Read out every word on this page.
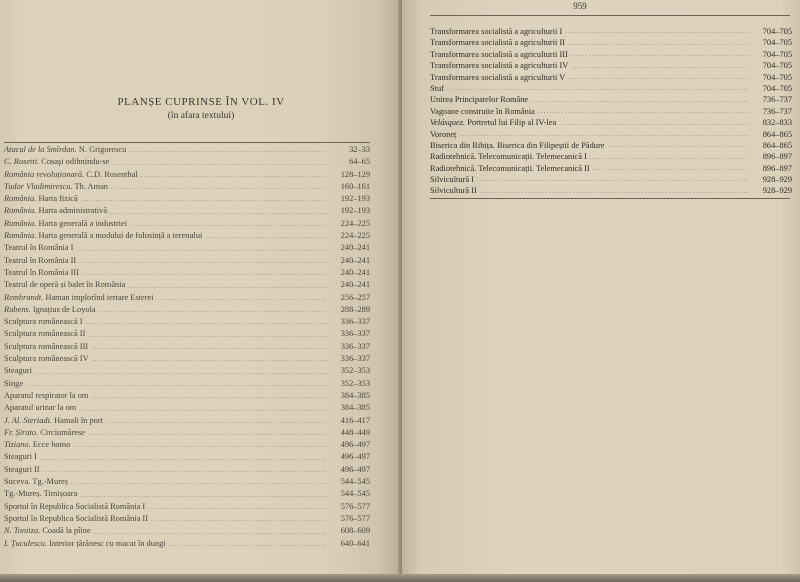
PLANȘE CUPRINSE ÎN VOL. IV
(în afara textului)
Atacul de la Smîrdan. N. Grigorescu .....	32–33
C. Rosetti. Cosaşi odihnindu-se .....	64–65
România revoluționară. C.D. Rosenthal .....	128–129
Tudor Vladimirescu. Th. Aman .....	160–161
România. Harta fizică .....	192–193
România. Harta administrativă .....	192–193
România. Harta generală a industriei .....	224–225
România. Harta generală a modului de folosință a terenului .....	224–225
Teatrul în România I .....	240–241
Teatrul în România II .....	240–241
Teatrul în România III .....	240–241
Teatrul de operă și balet în România .....	240–241
Rembrandt. Haman implorînd iertare Esterei .....	256–257
Rubens. Ignațius de Loyola .....	288–289
Sculptura românească I .....	336–337
Sculptura românească II .....	336–337
Sculptura românească III .....	336–337
Sculptura românească IV .....	336–337
Steaguri .....	352–353
Singe .....	352–353
Aparatul respirator la om .....	384–385
Aparatul urinar la om .....	384–385
J. Al. Steriadi. Hamali în port .....	416–417
Fr. Șirato. Circiumărese .....	448–449
Tiziano. Ecce homo .....	496–497
Steaguri I .....	496–497
Steaguri II .....	496–497
Sucevа. Tg.-Mureș .....	544–545
Tg.-Mureș. Timișoara .....	544–545
Sportul în Republica Socialistă România I .....	576–577
Sportul în Republica Socialistă România II .....	576–577
N. Tonitza. Coadă la pîine .....	608–609
I. Țuculescu. Interior țărănesc cu macat în dungi .....	640–641
959
Transformarea socialistă a agriculturii I .....	704–705
Transformarea socialistă a agriculturii II .....	704–705
Transformarea socialistă a agriculturii III .....	704–705
Transformarea socialistă a agriculturii IV .....	704–705
Transformarea socialistă a agriculturii V .....	704–705
Stuf .....	704–705
Unirea Principatelor Române .....	736–737
Vagoane construite în România .....	736–737
Velásquez. Portretul lui Filip al IV-lea .....	832–833
Voroneț .....	864–865
Biserica din Ribița. Biserica din Filipeștii de Pădure .....	864–865
Radiotehnică. Telecomunicații. Telemecanică I .....	896–897
Radiotehnică. Telecomunicații. Telemecanică II .....	896–897
Silvicultură I .....	928–929
Silvicultură II .....	928–929
